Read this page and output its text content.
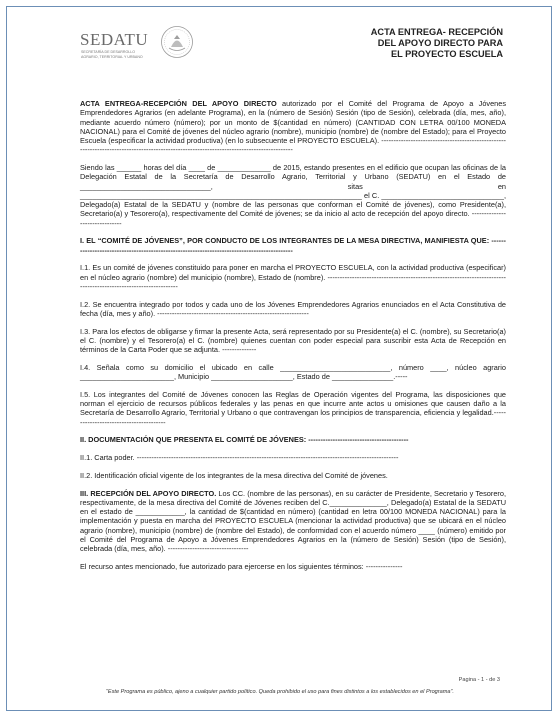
SEDATU
SECRETARÍA DE DESARROLLO
AGRARIO, TERRITORIAL Y URBANO
ACTA ENTREGA- RECEPCIÓN
DEL APOYO DIRECTO PARA
EL PROYECTO ESCUELA

ACTA ENTREGA-RECEPCIÓN DEL APOYO DIRECTO autorizado por el Comité del Programa de Apoyo a Jóvenes Emprendedores Agrarios (en adelante Programa), en la (número de Sesión) Sesión (tipo de Sesión), celebrada (día, mes, año), mediante acuerdo número (número); por un monto de $(cantidad en número) (CANTIDAD CON LETRA 00/100 MONEDA NACIONAL) para el Comité de jóvenes del núcleo agrario (nombre), municipio (nombre) de (nombre del Estado); para el Proyecto Escuela (especificar la actividad productiva) (en lo subsecuente el PROYECTO ESCUELA). ------------------------------------------------------------------------------------------------------------------------------------------

Siendo las ______ horas del día ____ de _____________ de 2015, estando presentes en el edificio que ocupan las oficinas de la Delegación Estatal de la Secretaría de Desarrollo Agrario, Territorial y Urbano (SEDATU) en el Estado de ________________________________, sitas en _____________________________________________________________________ el C. ______________________________, Delegado(a) Estatal de la SEDATU y (nombre de las personas que conforman el Comité de jóvenes), como Presidente(a), Secretario(a) y Tesorero(a), respectivamente del Comité de jóvenes; se da inicio al acto de recepción del apoyo directo. -------------------------------

I. EL “COMITÉ DE JÓVENES”, POR CONDUCTO DE LOS INTEGRANTES DE LA MESA DIRECTIVA, MANIFIESTA QUE: ---------------------------------------------------------------------------------------------

I.1. Es un comité de jóvenes constituido para poner en marcha el PROYECTO ESCUELA, con la actividad productiva (especificar) en el núcleo agrario (nombre) del municipio (nombre), Estado de (nombre). -----------------------------------------------------------------------------------------------------------------

I.2. Se encuentra integrado por todos y cada uno de los Jóvenes Emprendedores Agrarios enunciados en el Acta Constitutiva de fecha (día, mes y año). --------------------------------------------------------------

I.3. Para los efectos de obligarse y firmar la presente Acta, será representado por su Presidente(a) el C. (nombre), su Secretario(a) el C. (nombre) y el Tesorero(a) el C. (nombre) quienes cuentan con poder especial para suscribir esta Acta de Recepción en términos de la Carta Poder que se adjunta. --------------

I.4. Señala como su domicilio el ubicado en calle ___________________________, número ____, núcleo agrario _______________________, Municipio ____________________, Estado de _______________.-----

I.5. Los integrantes del Comité de Jóvenes conocen las Reglas de Operación vigentes del Programa, las disposiciones que norman el ejercicio de recursos públicos federales y las penas en que incurre ante actos u omisiones que causen daño a la Secretaría de Desarrollo Agrario, Territorial y Urbano o que contravengan los principios de transparencia, eficiencia y legalidad.----------------------------------------

II. DOCUMENTACIÓN QUE PRESENTA EL COMITÉ DE JÓVENES: -----------------------------------------

II.1. Carta poder. -----------------------------------------------------------------------------------------------------------

II.2. Identificación oficial vigente de los integrantes de la mesa directiva del Comité de jóvenes.

III. RECEPCIÓN DEL APOYO DIRECTO. Los CC. (nombre de las personas), en su carácter de Presidente, Secretario y Tesorero, respectivamente, de la mesa directiva del Comité de Jóvenes reciben del C.______________, Delegado(a) Estatal de la SEDATU en el estado de ____________, la cantidad de $(cantidad en número) (cantidad en letra 00/100 MONEDA NACIONAL) para la implementación y puesta en marcha del PROYECTO ESCUELA (mencionar la actividad productiva) que se ubicará en el núcleo agrario (nombre), municipio (nombre) de (nombre del Estado), de conformidad con el acuerdo número ____ (número) emitido por el Comité del Programa de Apoyo a Jóvenes Emprendedores Agrarios en la (número de Sesión) Sesión (tipo de Sesión), celebrada (día, mes, año). ---------------------------------

El recurso antes mencionado, fue autorizado para ejercerse en los siguientes términos: ---------------

Pagina - 1 - de 3
“Este Programa es público, ajeno a cualquier partido político. Queda prohibido el uso para fines distintos a los establecidos en el Programa”.
